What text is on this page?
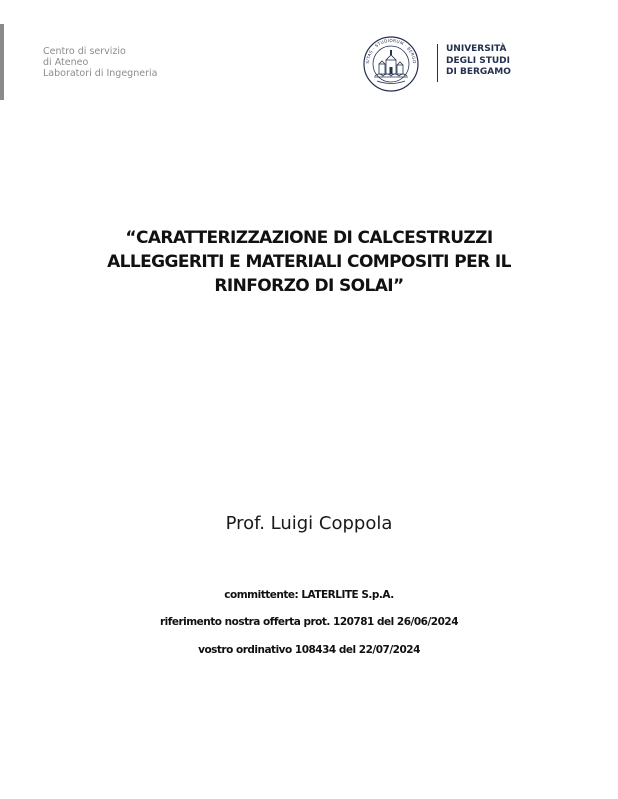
Centro di servizio
di Ateneo
Laboratori di Ingegneria
SITAS · STUDIORUM · BERGO
UNIVERSITÀ
DEGLI STUDI
DI BERGAMO
“CARATTERIZZAZIONE DI CALCESTRUZZI
ALLEGGERITI E MATERIALI COMPOSITI PER IL
RINFORZO DI SOLAI”
Prof. Luigi Coppola
committente: LATERLITE S.p.A.
riferimento nostra offerta prot. 120781 del 26/06/2024
vostro ordinativo 108434 del 22/07/2024
